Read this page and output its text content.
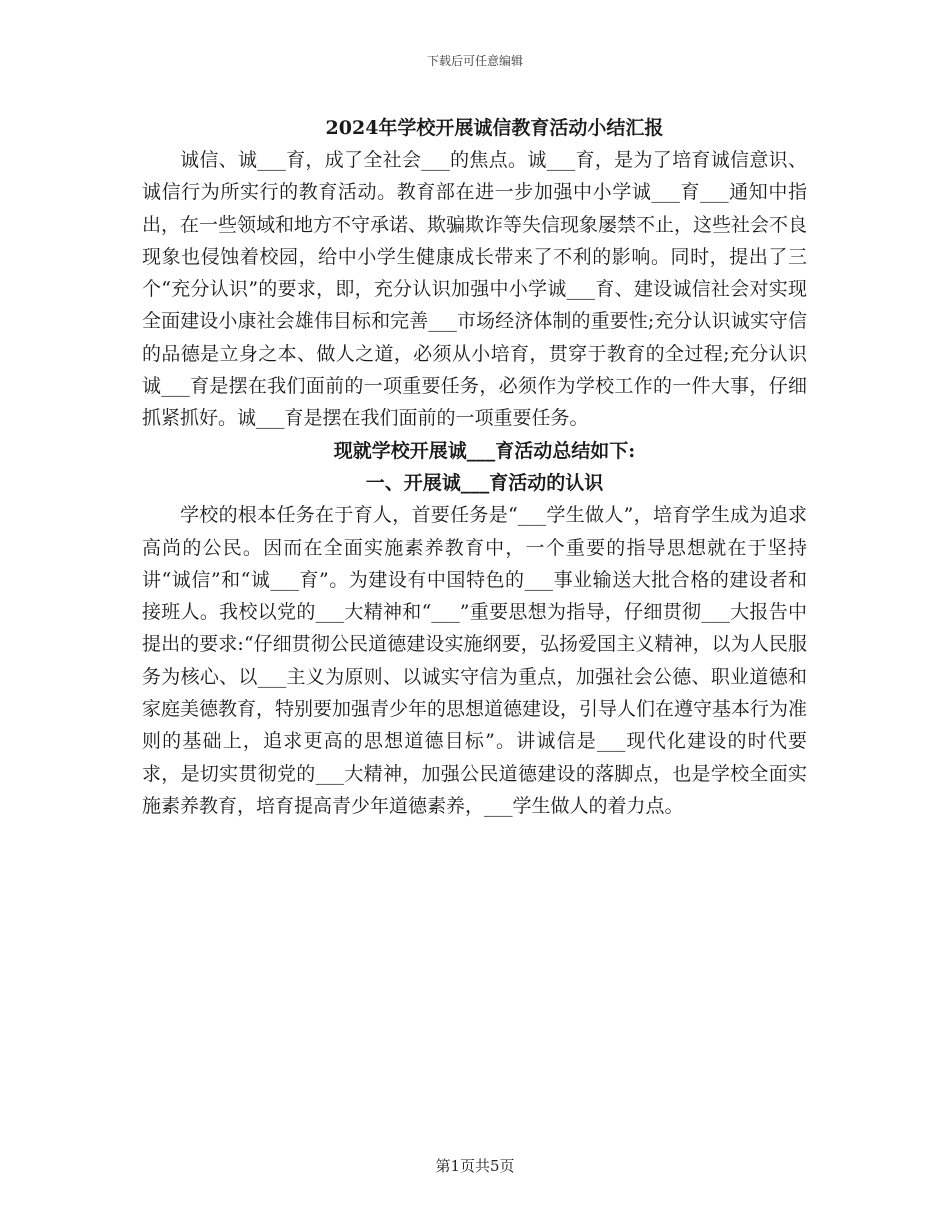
下载后可任意编辑
2024年学校开展诚信教育活动小结汇报

诚信、诚___育，成了全社会___的焦点。诚___育，是为了培育诚信意识、诚信行为所实行的教育活动。教育部在进一步加强中小学诚___育___通知中指出，在一些领域和地方不守承诺、欺骗欺诈等失信现象屡禁不止，这些社会不良现象也侵蚀着校园，给中小学生健康成长带来了不利的影响。同时，提出了三个“充分认识”的要求，即，充分认识加强中小学诚___育、建设诚信社会对实现全面建设小康社会雄伟目标和完善___市场经济体制的重要性;充分认识诚实守信的品德是立身之本、做人之道，必须从小培育，贯穿于教育的全过程;充分认识诚___育是摆在我们面前的一项重要任务，必须作为学校工作的一件大事，仔细抓紧抓好。诚___育是摆在我们面前的一项重要任务。

现就学校开展诚___育活动总结如下:
一、开展诚___育活动的认识

学校的根本任务在于育人，首要任务是“___学生做人”，培育学生成为追求高尚的公民。因而在全面实施素养教育中，一个重要的指导思想就在于坚持讲“诚信”和“诚___育”。为建设有中国特色的___事业输送大批合格的建设者和接班人。我校以党的___大精神和“___”重要思想为指导，仔细贯彻___大报告中提出的要求:“仔细贯彻公民道德建设实施纲要，弘扬爱国主义精神，以为人民服务为核心、以___主义为原则、以诚实守信为重点，加强社会公德、职业道德和家庭美德教育，特别要加强青少年的思想道德建设，引导人们在遵守基本行为准则的基础上，追求更高的思想道德目标”。讲诚信是___现代化建设的时代要求，是切实贯彻党的___大精神，加强公民道德建设的落脚点，也是学校全面实施素养教育，培育提高青少年道德素养，___学生做人的着力点。

第1页共5页
